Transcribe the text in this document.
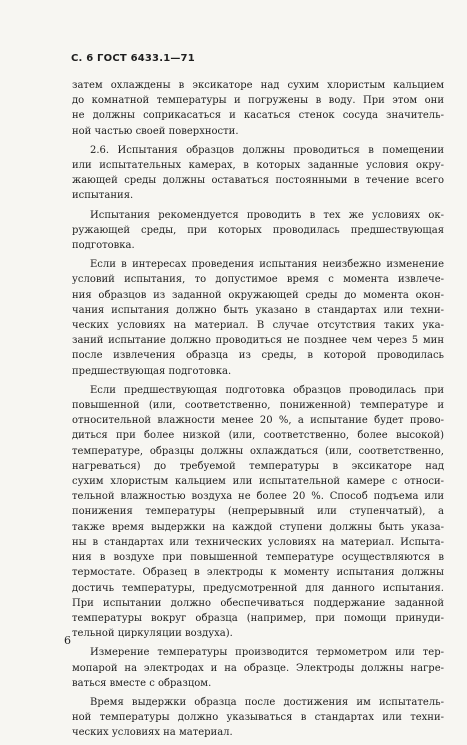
С. 6 ГОСТ 6433.1—71
затем охлаждены в эксикаторе над сухим хлористым кальцием
до комнатной температуры и погружены в воду. При этом они
не должны соприкасаться и касаться стенок сосуда значитель-
ной частью своей поверхности.
2.6. Испытания образцов должны проводиться в помещении
или испытательных камерах, в которых заданные условия окру-
жающей среды должны оставаться постоянными в течение всего
испытания.
Испытания рекомендуется проводить в тех же условиях ок-
ружающей среды, при которых проводилась предшествующая
подготовка.
Если в интересах проведения испытания неизбежно изменение
условий испытания, то допустимое время с момента извлече-
ния образцов из заданной окружающей среды до момента окон-
чания испытания должно быть указано в стандартах или техни-
ческих условиях на материал. В случае отсутствия таких ука-
заний испытание должно проводиться не позднее чем через 5 мин
после извлечения образца из среды, в которой проводилась
предшествующая подготовка.
Если предшествующая подготовка образцов проводилась при
повышенной (или, соответственно, пониженной) температуре и
относительной влажности менее 20 %, а испытание будет прово-
диться при более низкой (или, соответственно, более высокой)
температуре, образцы должны охлаждаться (или, соответственно,
нагреваться) до требуемой температуры в эксикаторе над
сухим хлористым кальцием или испытательной камере с относи-
тельной влажностью воздуха не более 20 %. Способ подъема или
понижения температуры (непрерывный или ступенчатый), а
также время выдержки на каждой ступени должны быть указа-
ны в стандартах или технических условиях на материал. Испыта-
ния в воздухе при повышенной температуре осуществляются в
термостате. Образец в электроды к моменту испытания должны
достичь температуры, предусмотренной для данного испытания.
При испытании должно обеспечиваться поддержание заданной
температуры вокруг образца (например, при помощи принуди-
тельной циркуляции воздуха).
Измерение температуры производится термометром или тер-
мопарой на электродах и на образце. Электроды должны нагре-
ваться вместе с образцом.
Время выдержки образца после достижения им испытатель-
ной температуры должно указываться в стандартах или техни-
ческих условиях на материал.
6
